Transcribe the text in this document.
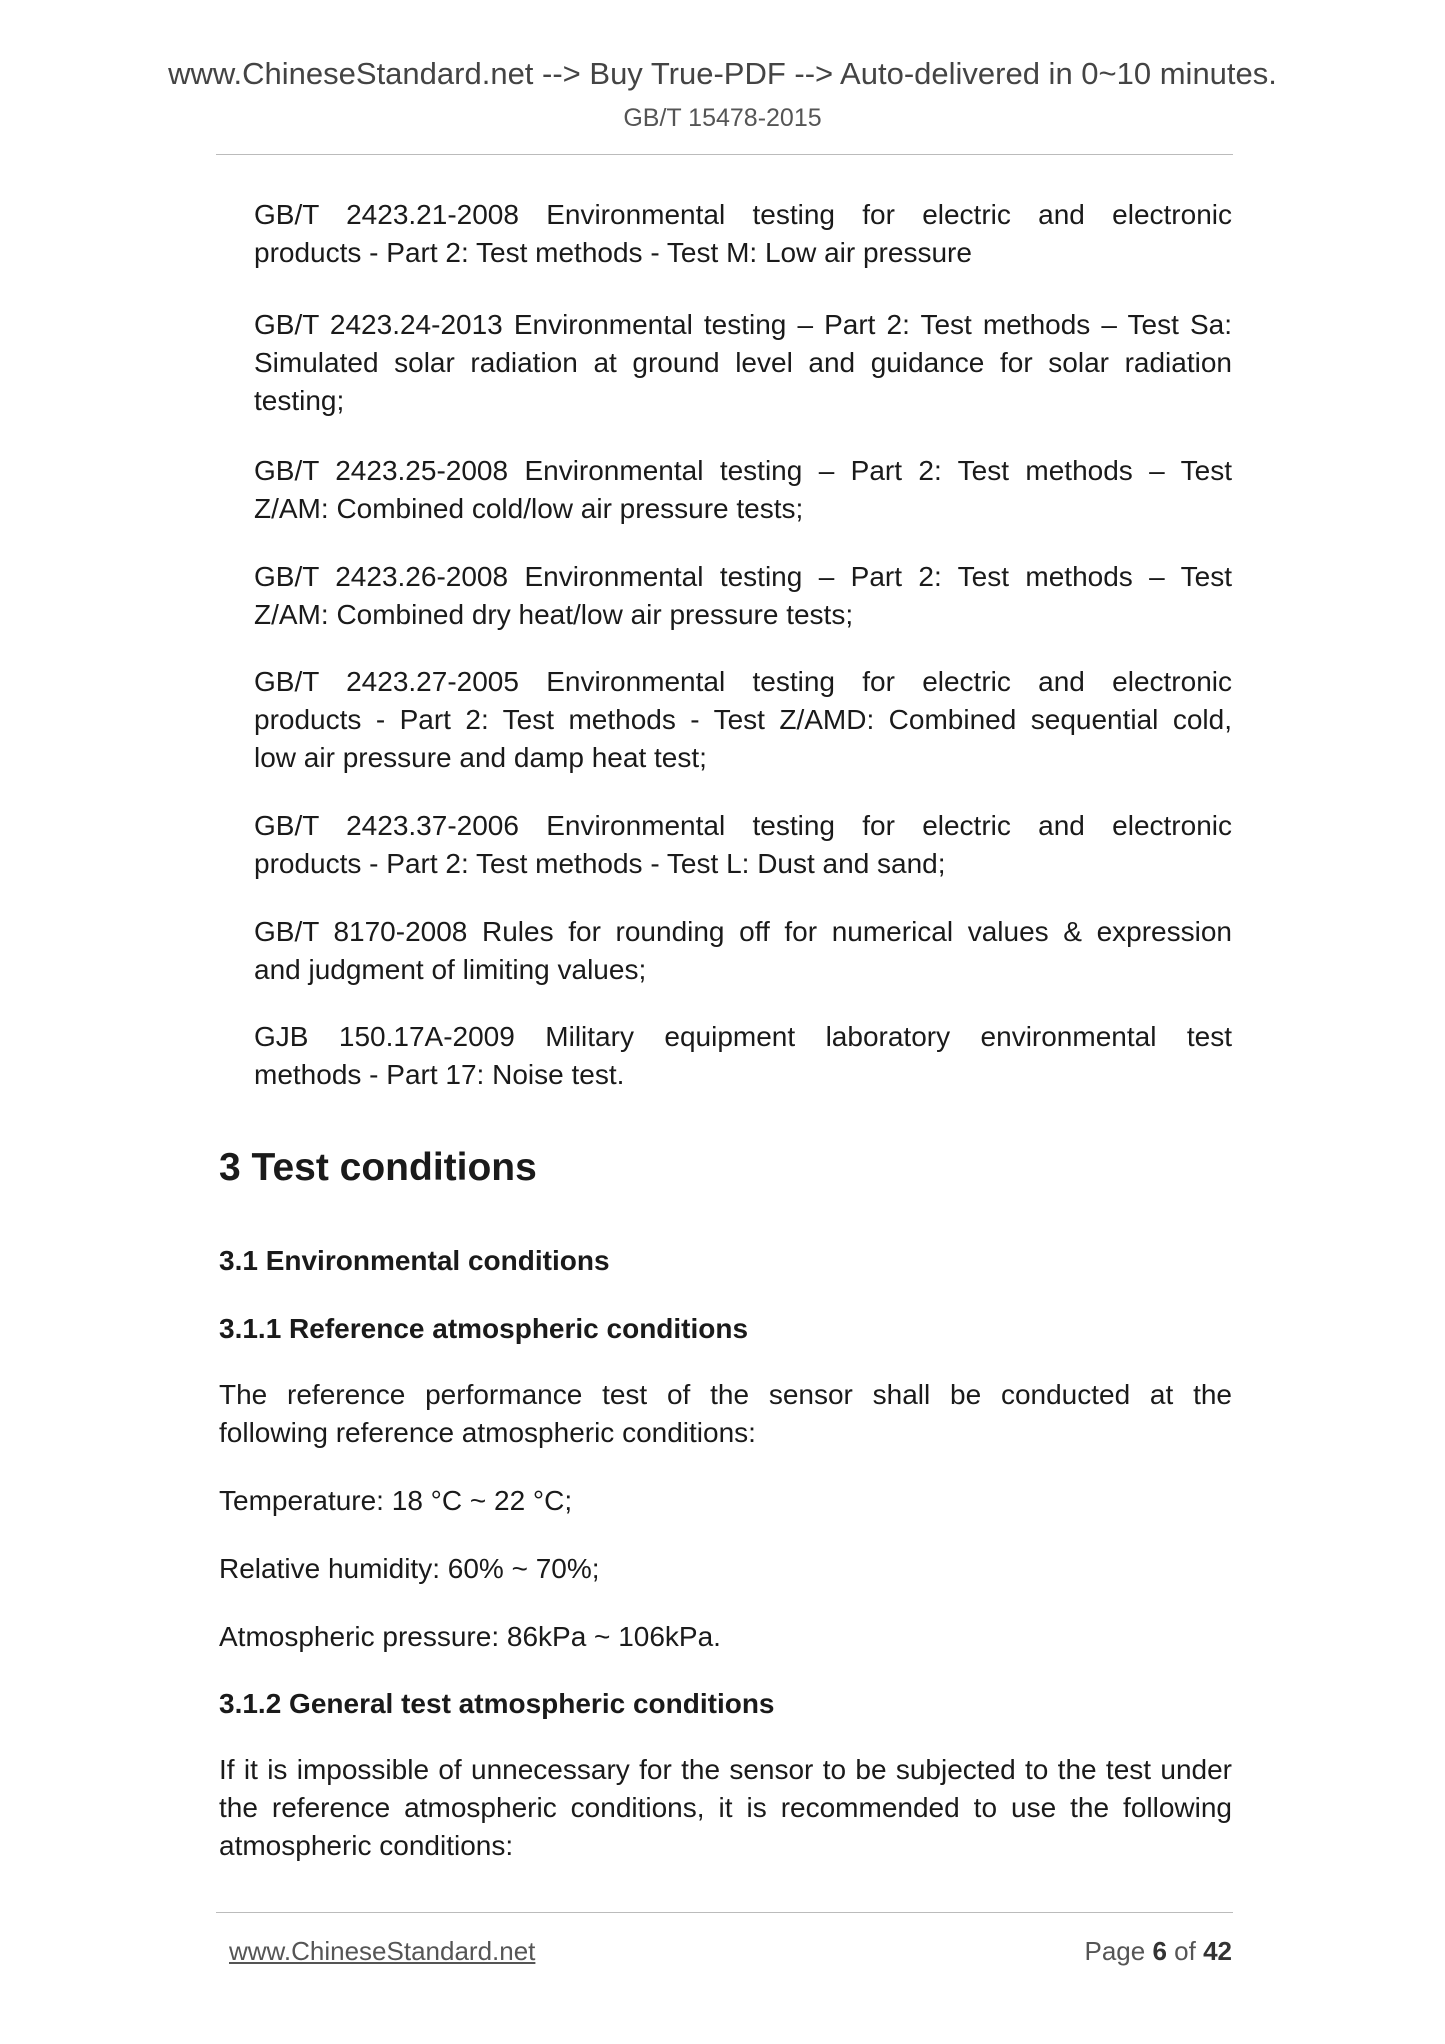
www.ChineseStandard.net --> Buy True-PDF --> Auto-delivered in 0~10 minutes.
GB/T 15478-2015
GB/T 2423.21-2008 Environmental testing for electric and electronic
products - Part 2: Test methods - Test M: Low air pressure
GB/T 2423.24-2013 Environmental testing – Part 2: Test methods – Test Sa:
Simulated solar radiation at ground level and guidance for solar radiation
testing;
GB/T 2423.25-2008 Environmental testing – Part 2: Test methods – Test
Z/AM: Combined cold/low air pressure tests;
GB/T 2423.26-2008 Environmental testing – Part 2: Test methods – Test
Z/AM: Combined dry heat/low air pressure tests;
GB/T 2423.27-2005 Environmental testing for electric and electronic
products - Part 2: Test methods - Test Z/AMD: Combined sequential cold,
low air pressure and damp heat test;
GB/T 2423.37-2006 Environmental testing for electric and electronic
products - Part 2: Test methods - Test L: Dust and sand;
GB/T 8170-2008 Rules for rounding off for numerical values & expression
and judgment of limiting values;
GJB 150.17A-2009 Military equipment laboratory environmental test
methods - Part 17: Noise test.
3 Test conditions
3.1 Environmental conditions
3.1.1 Reference atmospheric conditions
The reference performance test of the sensor shall be conducted at the
following reference atmospheric conditions:
Temperature: 18 °C ~ 22 °C;
Relative humidity: 60% ~ 70%;
Atmospheric pressure: 86kPa ~ 106kPa.
3.1.2 General test atmospheric conditions
If it is impossible of unnecessary for the sensor to be subjected to the test under
the reference atmospheric conditions, it is recommended to use the following
atmospheric conditions:
www.ChineseStandard.net	Page 6 of 42
